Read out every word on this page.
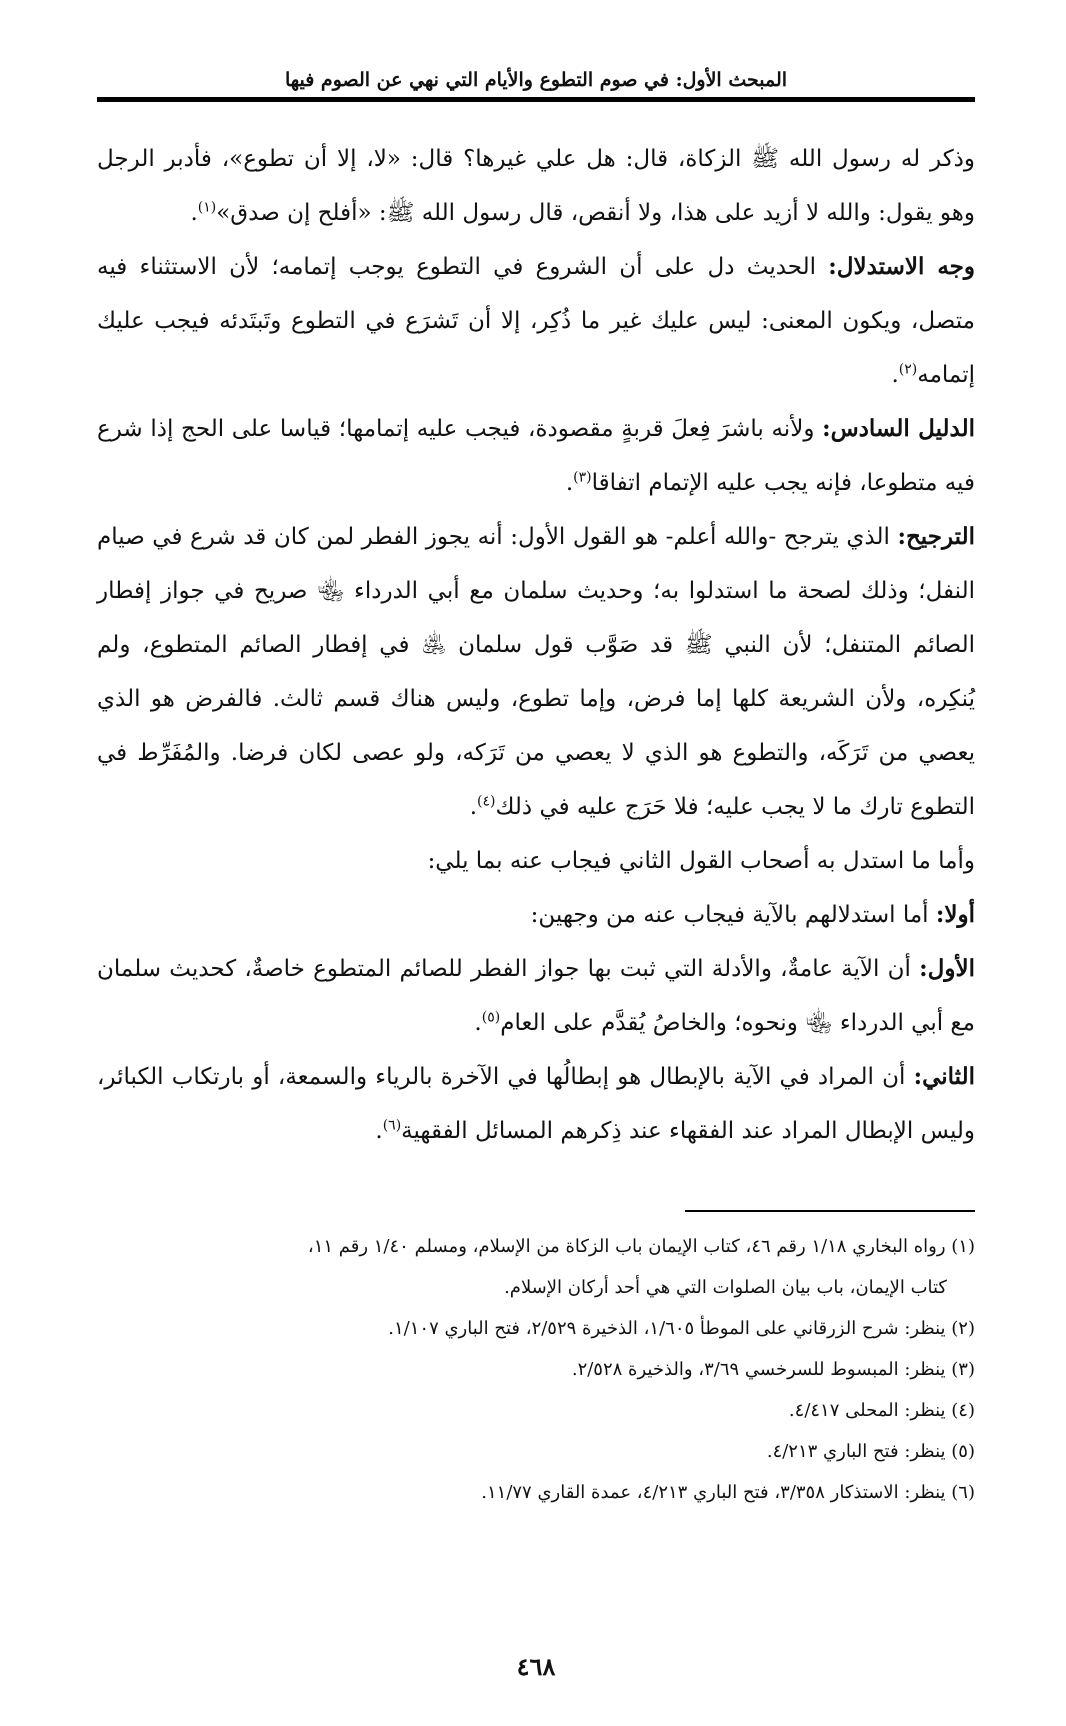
المبحث الأول: في صوم التطوع والأيام التي نهي عن الصوم فيها

وذكر له رسول الله ﷺ الزكاة، قال: هل علي غيرها؟ قال: «لا، إلا أن تطوع»، فأدبر الرجل وهو يقول: والله لا أزيد على هذا، ولا أنقص، قال رسول الله ﷺ: «أفلح إن صدق»$^{(١)}$.

وجه الاستدلال: الحديث دل على أن الشروع في التطوع يوجب إتمامه؛ لأن الاستثناء فيه متصل، ويكون المعنى: ليس عليك غير ما ذُكِر، إلا أن تَشرَع في التطوع وتَبتَدئه فيجب عليك إتمامه$^{(٢)}$.

الدليل السادس: ولأنه باشرَ فِعلَ قربةٍ مقصودة، فيجب عليه إتمامها؛ قياسا على الحج إذا شرع فيه متطوعا، فإنه يجب عليه الإتمام اتفاقا$^{(٣)}$.

الترجيح: الذي يترجح -والله أعلم- هو القول الأول: أنه يجوز الفطر لمن كان قد شرع في صيام النفل؛ وذلك لصحة ما استدلوا به؛ وحديث سلمان مع أبي الدرداء ﵄ صريح في جواز إفطار الصائم المتنفل؛ لأن النبي ﷺ قد صَوَّب قول سلمان ﵁ في إفطار الصائم المتطوع، ولم يُنكِره، ولأن الشريعة كلها إما فرض، وإما تطوع، وليس هناك قسم ثالث. فالفرض هو الذي يعصي من تَرَكَه، والتطوع هو الذي لا يعصي من تَرَكه، ولو عصى لكان فرضا. والمُفَرِّط في التطوع تارك ما لا يجب عليه؛ فلا حَرَج عليه في ذلك$^{(٤)}$.

وأما ما استدل به أصحاب القول الثاني فيجاب عنه بما يلي:

أولا: أما استدلالهم بالآية فيجاب عنه من وجهين:

الأول: أن الآية عامةٌ، والأدلة التي ثبت بها جواز الفطر للصائم المتطوع خاصةٌ، كحديث سلمان مع أبي الدرداء ﵄ ونحوه؛ والخاصُ يُقدَّم على العام$^{(٥)}$.

الثاني: أن المراد في الآية بالإبطال هو إبطالُها في الآخرة بالرياء والسمعة، أو بارتكاب الكبائر، وليس الإبطال المراد عند الفقهاء عند ذِكرهم المسائل الفقهية$^{(٦)}$.

(١) رواه البخاري ١/١٨ رقم ٤٦، كتاب الإيمان باب الزكاة من الإسلام، ومسلم ١/٤٠ رقم ١١،
كتاب الإيمان، باب بيان الصلوات التي هي أحد أركان الإسلام.

(٢) ينظر: شرح الزرقاني على الموطأ ١/٦٠٥، الذخيرة ٢/٥٢٩، فتح الباري ١/١٠٧.

(٣) ينظر: المبسوط للسرخسي ٣/٦٩، والذخيرة ٢/٥٢٨.

(٤) ينظر: المحلى ٤/٤١٧.

(٥) ينظر: فتح الباري ٤/٢١٣.

(٦) ينظر: الاستذكار ٣/٣٥٨، فتح الباري ٤/٢١٣، عمدة القاري ١١/٧٧.

٤٦٨
